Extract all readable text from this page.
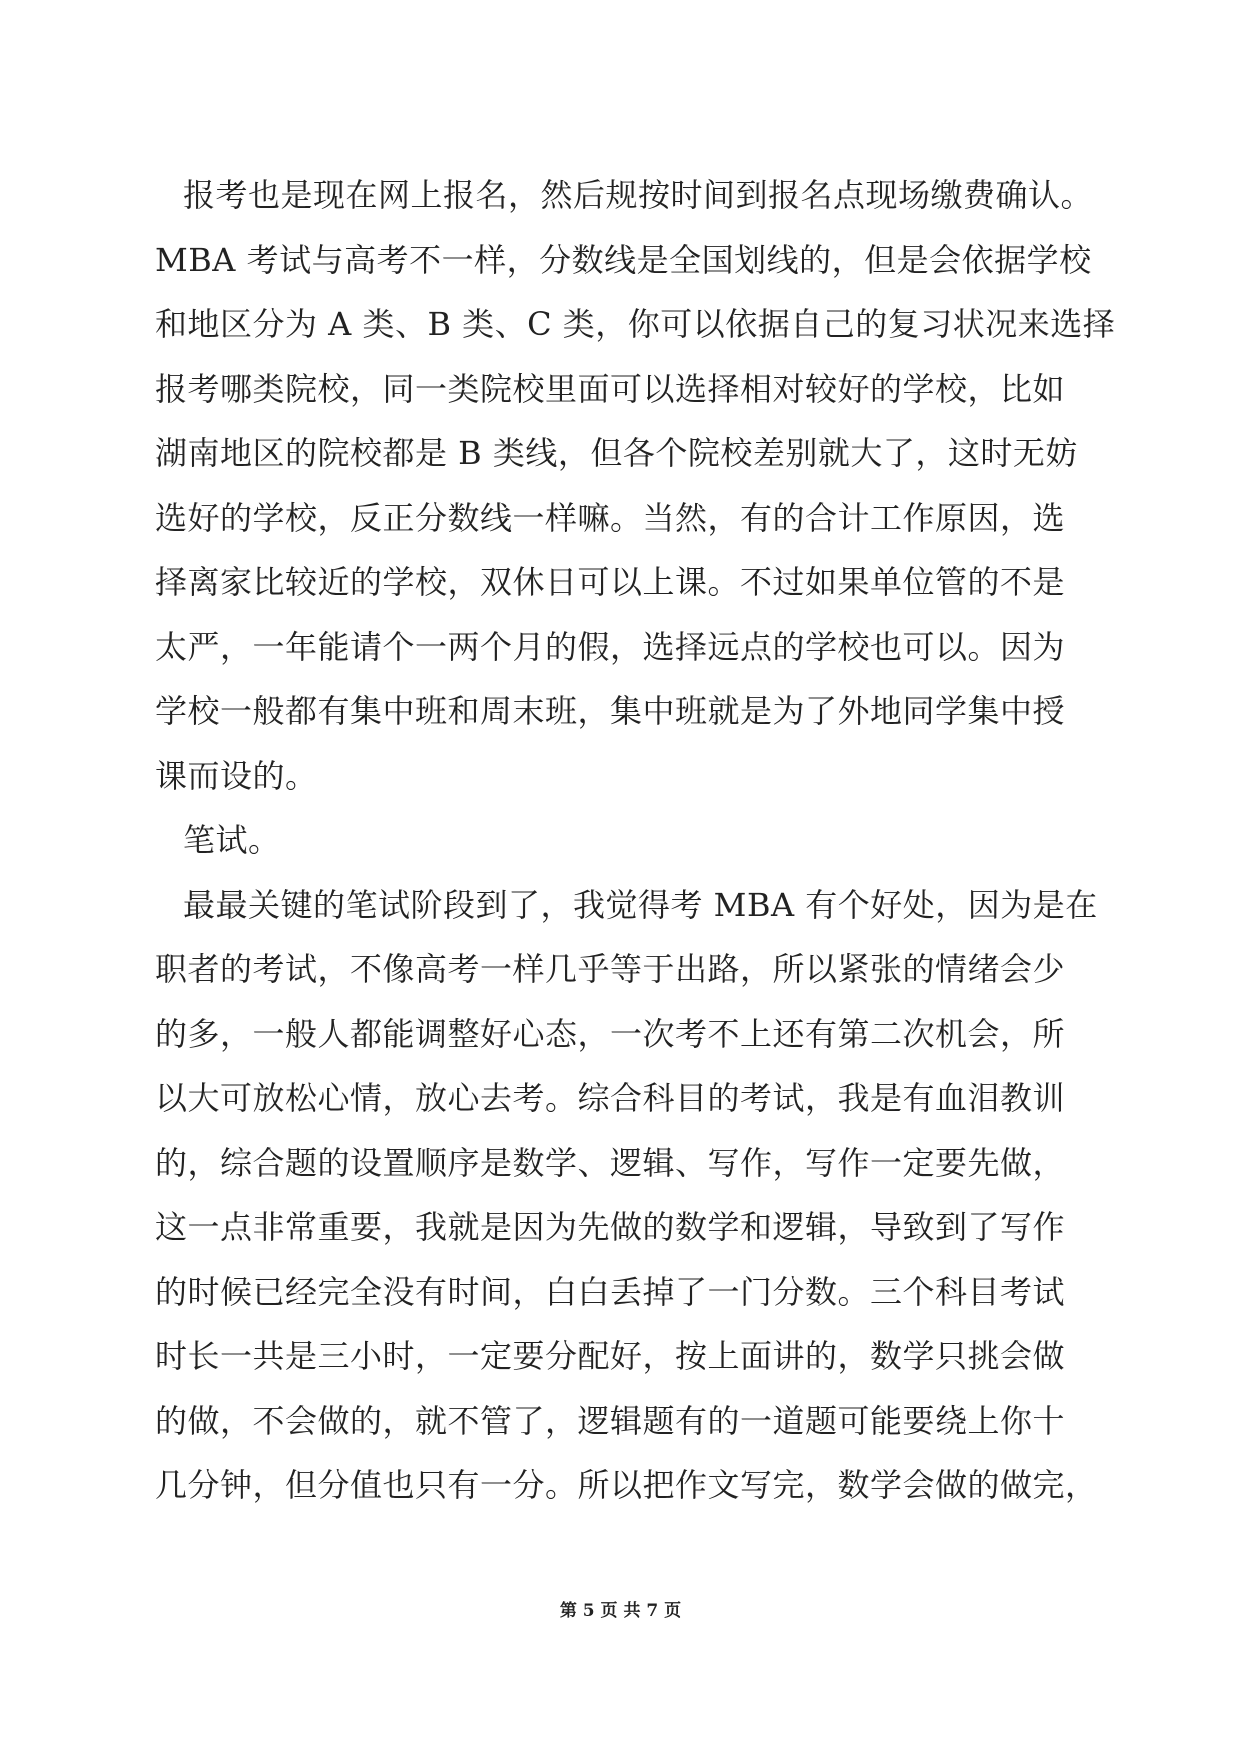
报考也是现在网上报名，然后规按时间到报名点现场缴费确认。
MBA 考试与高考不一样，分数线是全国划线的，但是会依据学校
和地区分为 A 类、B 类、C 类，你可以依据自己的复习状况来选择
报考哪类院校，同一类院校里面可以选择相对较好的学校，比如
湖南地区的院校都是 B 类线，但各个院校差别就大了，这时无妨
选好的学校，反正分数线一样嘛。当然，有的合计工作原因，选
择离家比较近的学校，双休日可以上课。不过如果单位管的不是
太严，一年能请个一两个月的假，选择远点的学校也可以。因为
学校一般都有集中班和周末班，集中班就是为了外地同学集中授
课而设的。
笔试。
最最关键的笔试阶段到了，我觉得考 MBA 有个好处，因为是在
职者的考试，不像高考一样几乎等于出路，所以紧张的情绪会少
的多，一般人都能调整好心态，一次考不上还有第二次机会，所
以大可放松心情，放心去考。综合科目的考试，我是有血泪教训
的，综合题的设置顺序是数学、逻辑、写作，写作一定要先做，
这一点非常重要，我就是因为先做的数学和逻辑，导致到了写作
的时候已经完全没有时间，白白丢掉了一门分数。三个科目考试
时长一共是三小时，一定要分配好，按上面讲的，数学只挑会做
的做，不会做的，就不管了，逻辑题有的一道题可能要绕上你十
几分钟，但分值也只有一分。所以把作文写完，数学会做的做完，
第 5 页 共 7 页
